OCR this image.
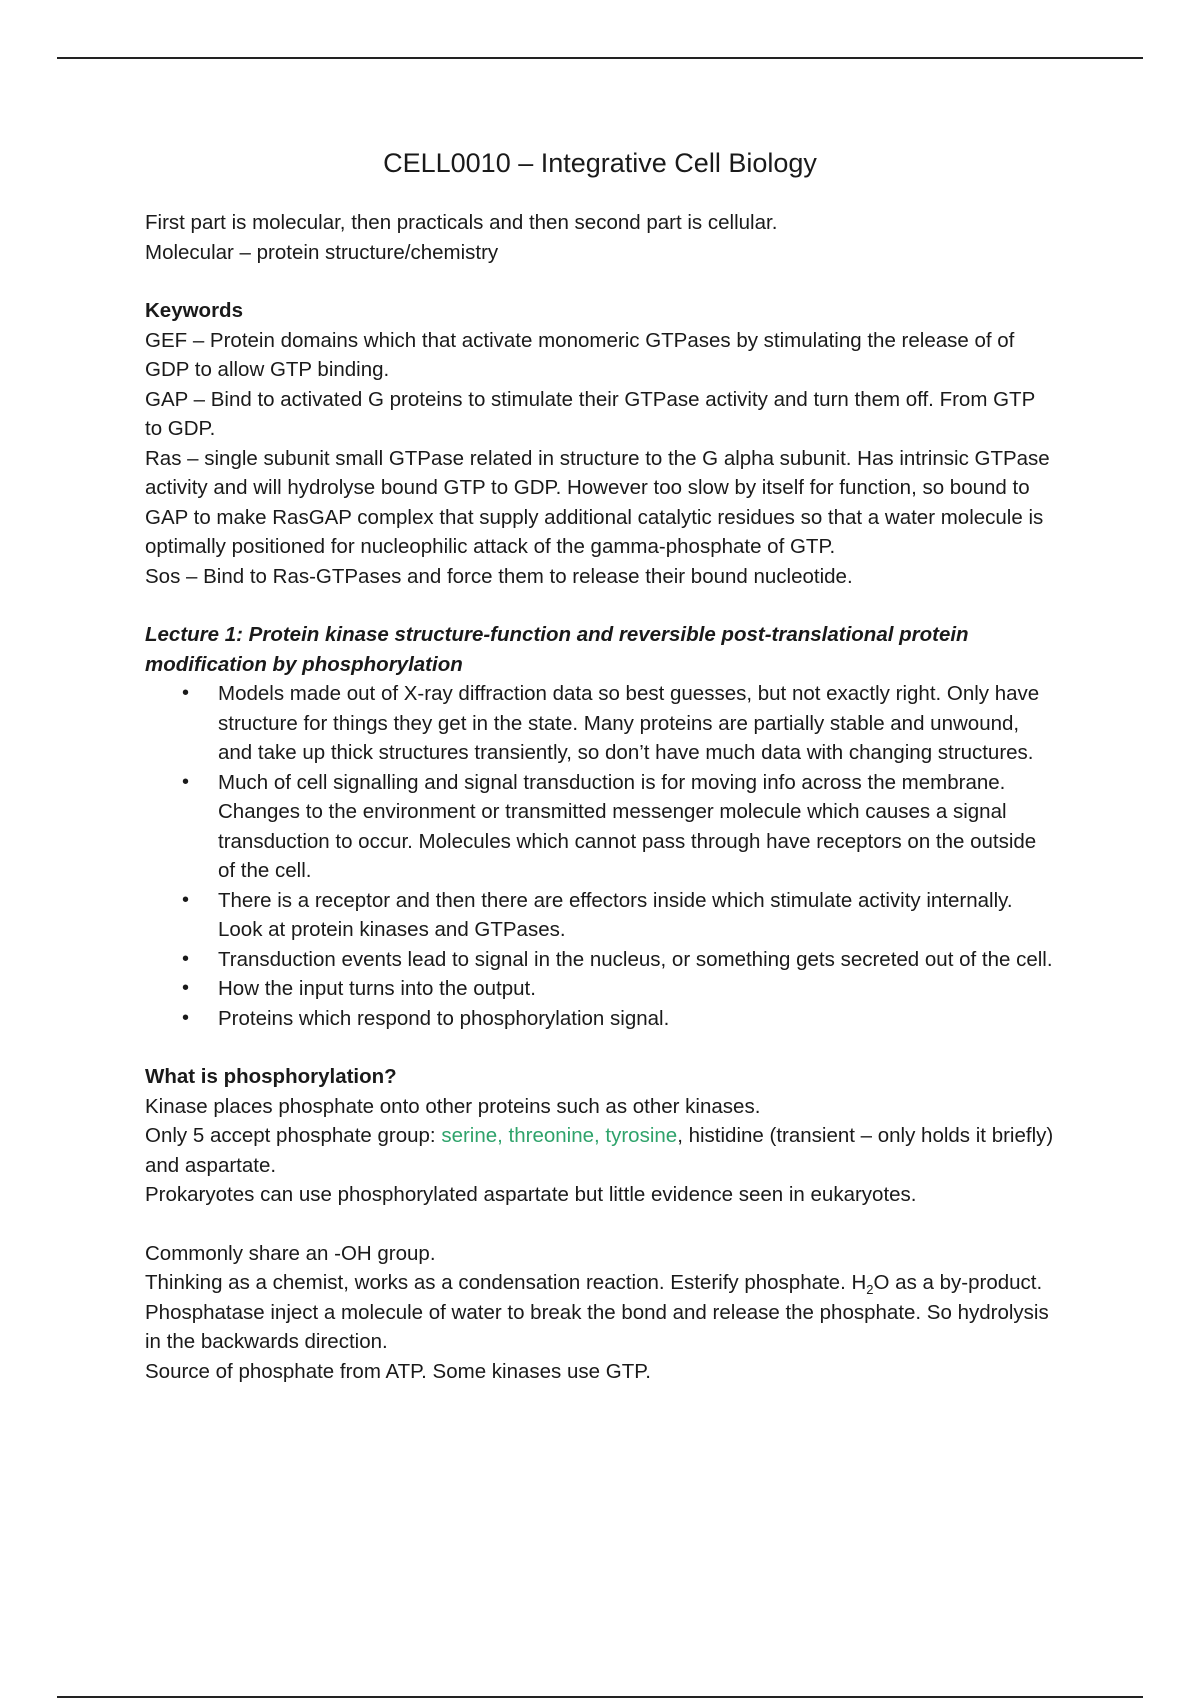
CELL0010 – Integrative Cell Biology

First part is molecular, then practicals and then second part is cellular.

Molecular – protein structure/chemistry

Keywords

GEF – Protein domains which that activate monomeric GTPases by stimulating the release of of GDP to allow GTP binding.

GAP – Bind to activated G proteins to stimulate their GTPase activity and turn them off. From GTP to GDP.

Ras – single subunit small GTPase related in structure to the G alpha subunit. Has intrinsic GTPase activity and will hydrolyse bound GTP to GDP. However too slow by itself for function, so bound to GAP to make RasGAP complex that supply additional catalytic residues so that a water molecule is optimally positioned for nucleophilic attack of the gamma-phosphate of GTP.

Sos – Bind to Ras-GTPases and force them to release their bound nucleotide.

Lecture 1: Protein kinase structure-function and reversible post-translational protein modification by phosphorylation

• Models made out of X-ray diffraction data so best guesses, but not exactly right. Only have structure for things they get in the state. Many proteins are partially stable and unwound, and take up thick structures transiently, so don’t have much data with changing structures.
• Much of cell signalling and signal transduction is for moving info across the membrane. Changes to the environment or transmitted messenger molecule which causes a signal transduction to occur. Molecules which cannot pass through have receptors on the outside of the cell.
• There is a receptor and then there are effectors inside which stimulate activity internally. Look at protein kinases and GTPases.
• Transduction events lead to signal in the nucleus, or something gets secreted out of the cell.
• How the input turns into the output.
• Proteins which respond to phosphorylation signal.

What is phosphorylation?

Kinase places phosphate onto other proteins such as other kinases.

Only 5 accept phosphate group: serine, threonine, tyrosine, histidine (transient – only holds it briefly) and aspartate.

Prokaryotes can use phosphorylated aspartate but little evidence seen in eukaryotes.

Commonly share an -OH group.

Thinking as a chemist, works as a condensation reaction. Esterify phosphate. $H_2O$ as a by-product.

Phosphatase inject a molecule of water to break the bond and release the phosphate. So hydrolysis in the backwards direction.

Source of phosphate from ATP. Some kinases use GTP.
